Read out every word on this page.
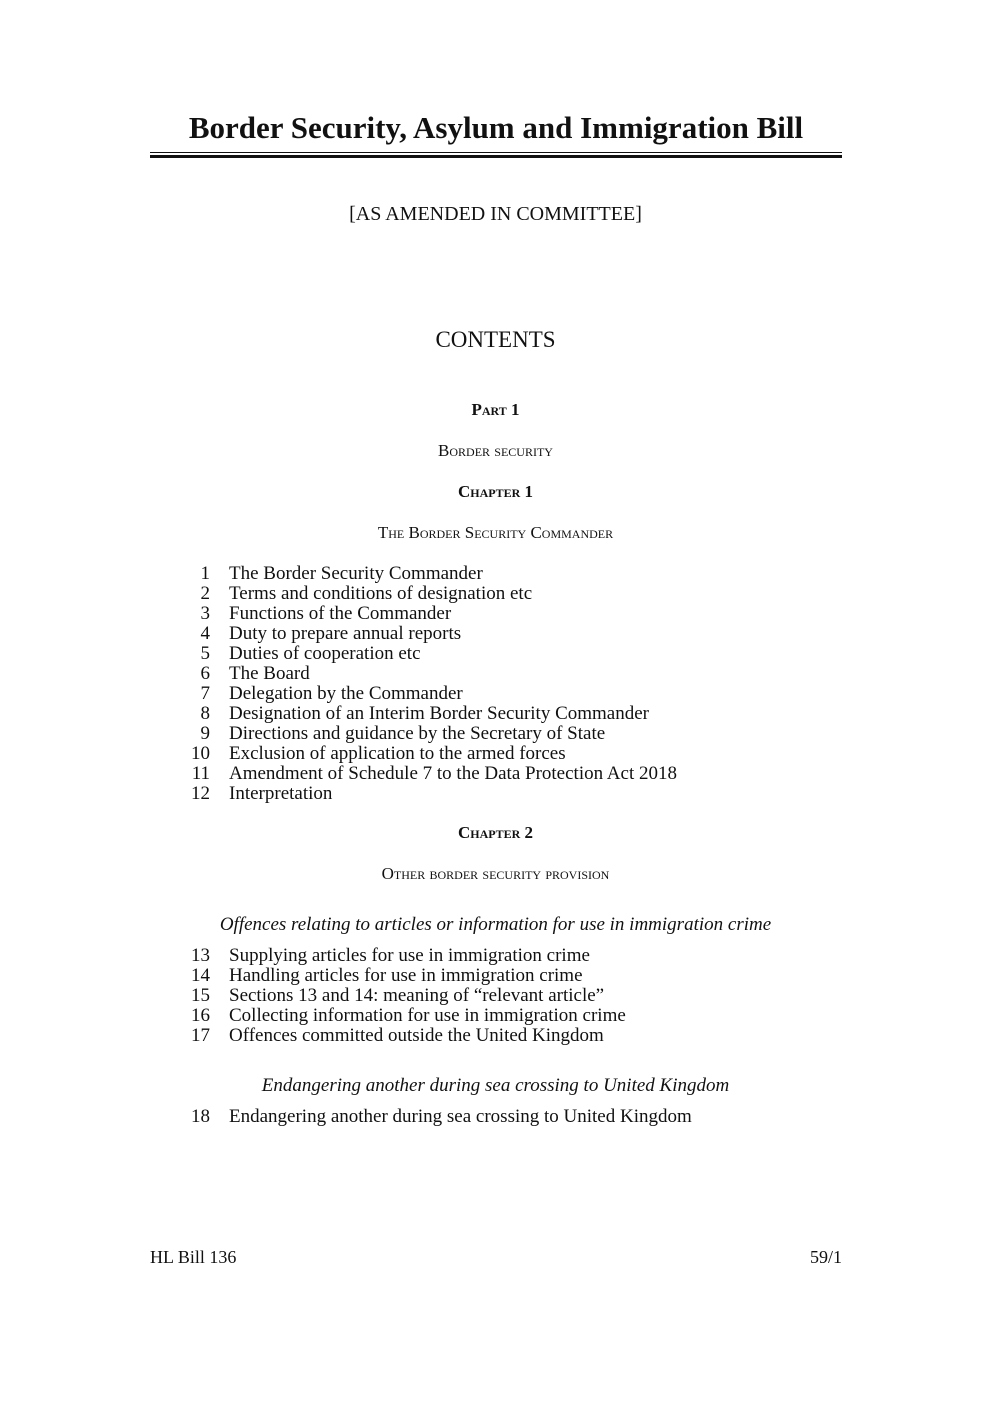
Border Security, Asylum and Immigration Bill
[AS AMENDED IN COMMITTEE]
CONTENTS
Part 1
Border security
Chapter 1
The Border Security Commander
1 The Border Security Commander
2 Terms and conditions of designation etc
3 Functions of the Commander
4 Duty to prepare annual reports
5 Duties of cooperation etc
6 The Board
7 Delegation by the Commander
8 Designation of an Interim Border Security Commander
9 Directions and guidance by the Secretary of State
10 Exclusion of application to the armed forces
11 Amendment of Schedule 7 to the Data Protection Act 2018
12 Interpretation
Chapter 2
Other border security provision
Offences relating to articles or information for use in immigration crime
13 Supplying articles for use in immigration crime
14 Handling articles for use in immigration crime
15 Sections 13 and 14: meaning of “relevant article”
16 Collecting information for use in immigration crime
17 Offences committed outside the United Kingdom
Endangering another during sea crossing to United Kingdom
18 Endangering another during sea crossing to United Kingdom
HL Bill 136	59/1
